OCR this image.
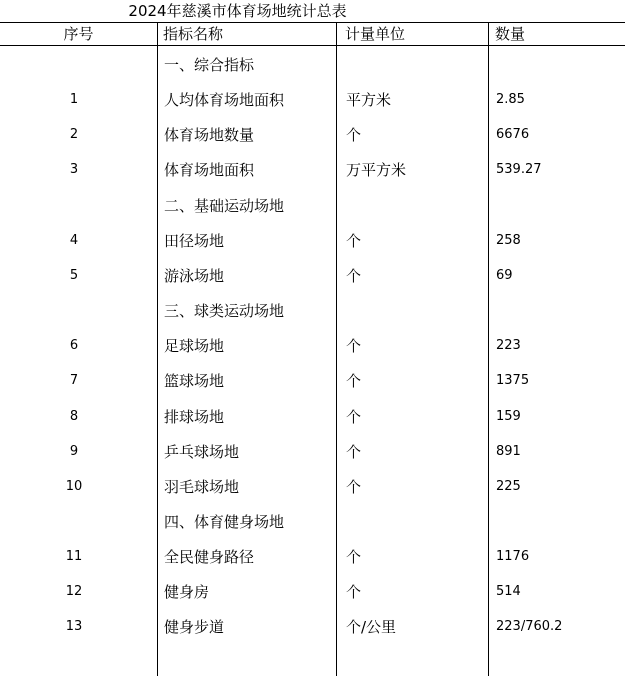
2024年慈溪市体育场地统计总表
序号	指标名称	计量单位	数量
一、综合指标
1	人均体育场地面积	平方米	2.85
2	体育场地数量	个	6676
3	体育场地面积	万平方米	539.27
二、基础运动场地
4	田径场地	个	258
5	游泳场地	个	69
三、球类运动场地
6	足球场地	个	223
7	篮球场地	个	1375
8	排球场地	个	159
9	乒乓球场地	个	891
10	羽毛球场地	个	225
四、体育健身场地
11	全民健身路径	个	1176
12	健身房	个	514
13	健身步道	个/公里	223/760.2
